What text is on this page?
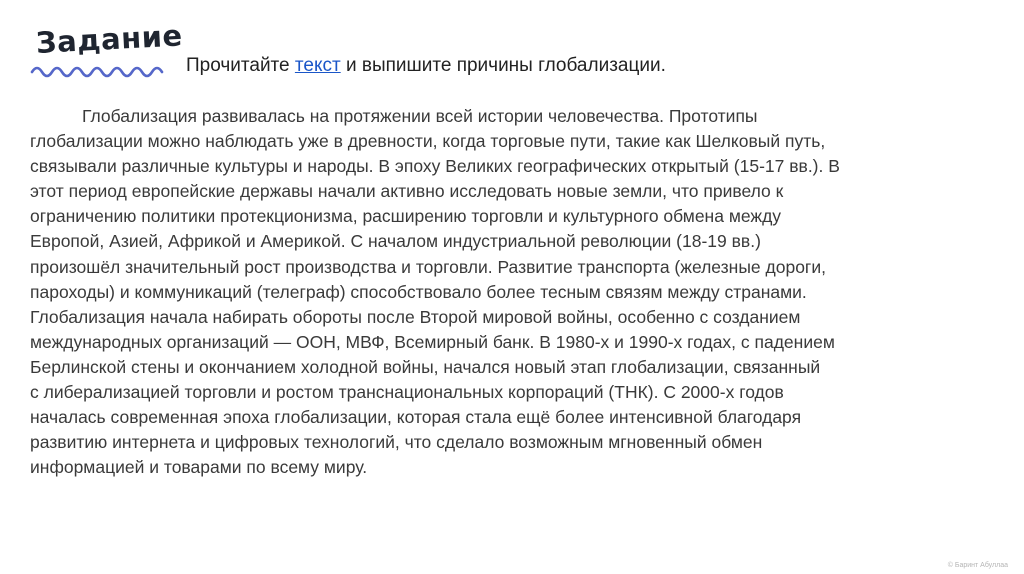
Задание
Прочитайте текст и выпишите причины глобализации.

Глобализация развивалась на протяжении всей истории человечества. Прототипы
глобализации можно наблюдать уже в древности, когда торговые пути, такие как Шелковый путь,
связывали различные культуры и народы. В эпоху Великих географических открытый (15-17 вв.). В
этот период европейские державы начали активно исследовать новые земли, что привело к
ограничению политики протекционизма, расширению торговли и культурного обмена между
Европой, Азией, Африкой и Америкой. С началом индустриальной революции (18-19 вв.)
произошёл значительный рост производства и торговли. Развитие транспорта (железные дороги,
пароходы) и коммуникаций (телеграф) способствовало более тесным связям между странами.
Глобализация начала набирать обороты после Второй мировой войны, особенно с созданием
международных организаций — ООН, МВФ, Всемирный банк. В 1980-х и 1990-х годах, с падением
Берлинской стены и окончанием холодной войны, начался новый этап глобализации, связанный
с либерализацией торговли и ростом транснациональных корпораций (ТНК). С 2000-х годов
началась современная эпоха глобализации, которая стала ещё более интенсивной благодаря
развитию интернета и цифровых технологий, что сделало возможным мгновенный обмен
информацией и товарами по всему миру.

© Баринт Абуллаа
